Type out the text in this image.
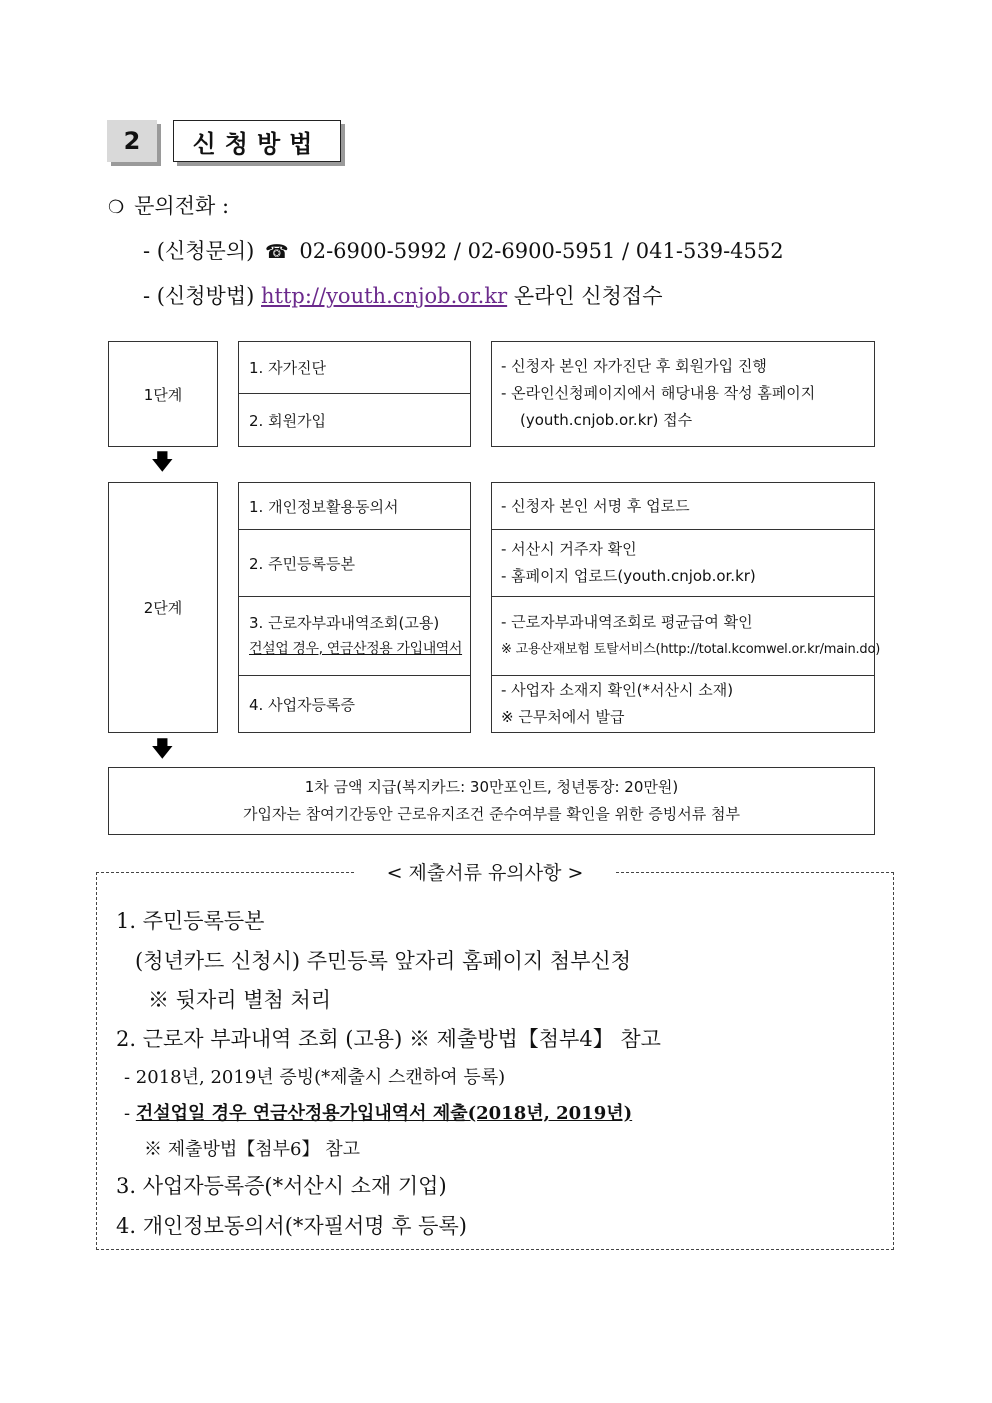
2	신청방법
❍ 문의전화 :
- (신청문의) ☎ 02-6900-5992 / 02-6900-5951 / 041-539-4552
- (신청방법) http://youth.cnjob.or.kr 온라인 신청접수
1단계
1. 자가진단
2. 회원가입
- 신청자 본인 자가진단 후 회원가입 진행
- 온라인신청페이지에서 해당내용 작성 홈페이지
(youth.cnjob.or.kr) 접수
🡇
2단계
1. 개인정보활용동의서
2. 주민등록등본
3. 근로자부과내역조회(고용)
건설업 경우, 연금산정용 가입내역서
4. 사업자등록증
- 신청자 본인 서명 후 업로드
- 서산시 거주자 확인
- 홈페이지 업로드(youth.cnjob.or.kr)
- 근로자부과내역조회로 평균급여 확인
※ 고용산재보험 토탈서비스(http://total.kcomwel.or.kr/main.do)
- 사업자 소재지 확인(*서산시 소재)
※ 근무처에서 발급
🡇
1차 금액 지급(복지카드: 30만포인트, 청년통장: 20만원)
가입자는 참여기간동안 근로유지조건 준수여부를 확인을 위한 증빙서류 첨부
< 제출서류 유의사항 >
1. 주민등록등본
(청년카드 신청시) 주민등록 앞자리 홈페이지 첨부신청
※ 뒷자리 별첨 처리
2. 근로자 부과내역 조회 (고용) ※ 제출방법【첨부4】 참고
- 2018년, 2019년 증빙(*제출시 스캔하여 등록)
- 건설업일 경우 연금산정용가입내역서 제출(2018년, 2019년)
※ 제출방법【첨부6】 참고
3. 사업자등록증(*서산시 소재 기업)
4. 개인정보동의서(*자필서명 후 등록)
